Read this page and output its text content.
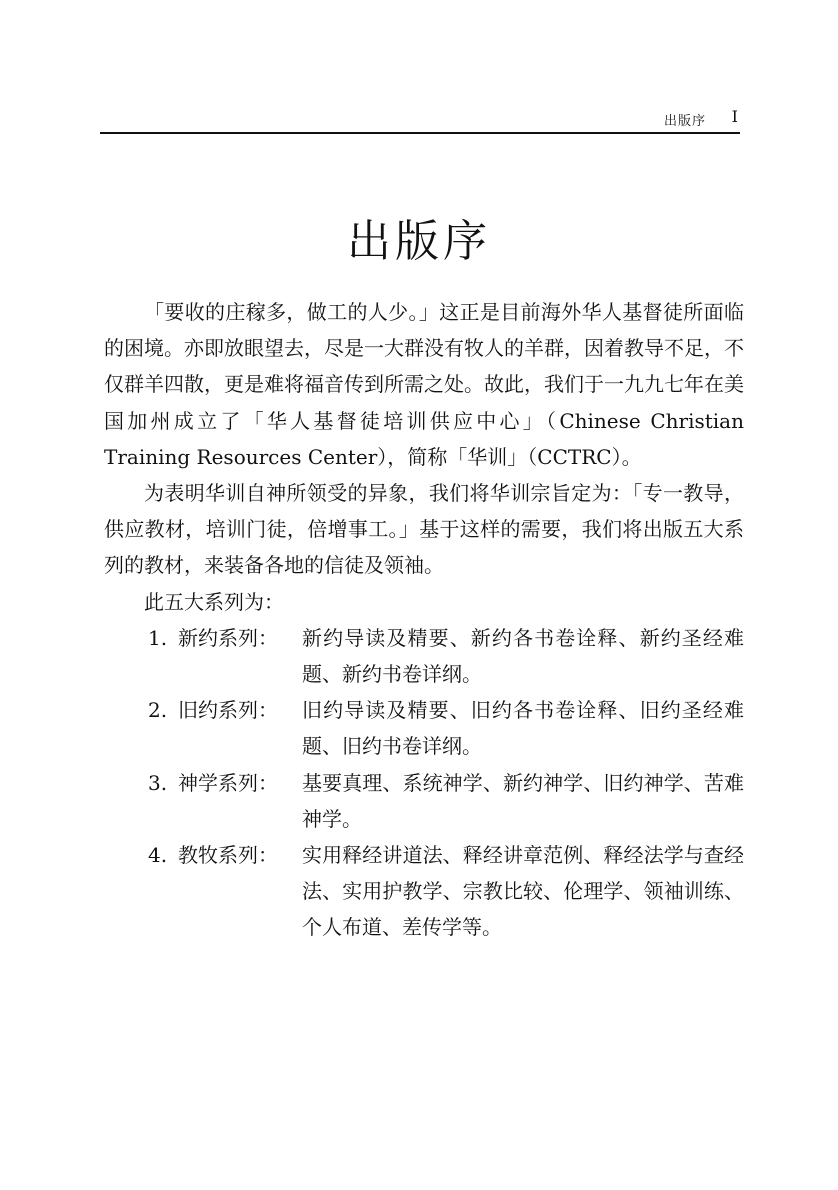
出版序 I
出版序

「要收的庄稼多，做工的人少。」这正是目前海外华人基督徒所面临的困境。亦即放眼望去，尽是一大群没有牧人的羊群，因着教导不足，不仅群羊四散，更是难将福音传到所需之处。故此，我们于一九九七年在美国加州成立了「华人基督徒培训供应中心」（Chinese Christian Training Resources Center），简称「华训」（CCTRC）。

为表明华训自神所领受的异象，我们将华训宗旨定为：「专一教导，供应教材，培训门徒，倍增事工。」基于这样的需要，我们将出版五大系列的教材，来装备各地的信徒及领袖。

此五大系列为：

1. 新约系列： 新约导读及精要、新约各书卷诠释、新约圣经难题、新约书卷详纲。
2. 旧约系列： 旧约导读及精要、旧约各书卷诠释、旧约圣经难题、旧约书卷详纲。
3. 神学系列： 基要真理、系统神学、新约神学、旧约神学、苦难神学。
4. 教牧系列： 实用释经讲道法、释经讲章范例、释经法学与查经法、实用护教学、宗教比较、伦理学、领袖训练、个人布道、差传学等。
